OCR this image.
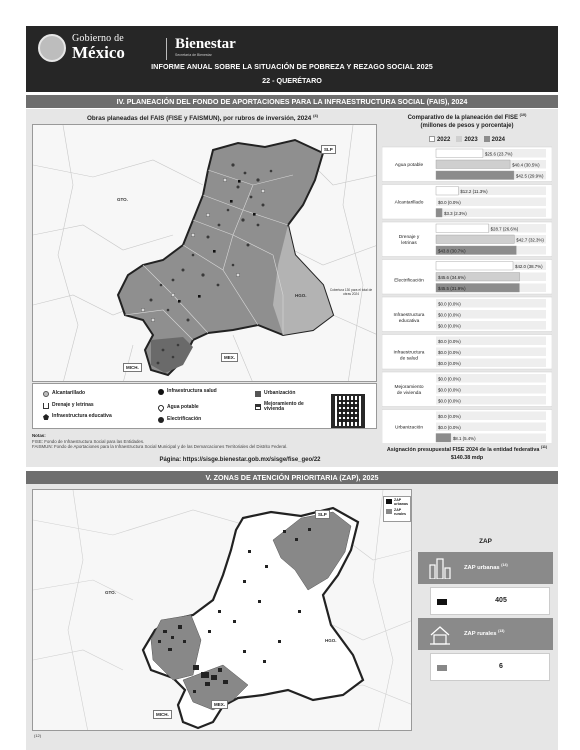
Gobierno de
México	Bienestar
Secretaría de Bienestar
INFORME ANUAL SOBRE LA SITUACIÓN DE POBREZA Y REZAGO SOCIAL 2025
22 - QUERÉTARO
IV. PLANEACIÓN DEL FONDO DE APORTACIONES PARA LA INFRAESTRUCTURA SOCIAL (FAIS), 2024
Obras planeadas del FAIS (FISE y FAISMUN), por rubros de inversión, 2024 $^{(4)}$
SLP
GTO.
HGO.
MICH.
MEX.
Cobertura 130 para el total de obras 2024
Alcantarillado	Infraestructura salud	Urbanización
Drenaje y letrinas	Agua potable
Mejoramiento de vivienda
Infraestructura educativa	Electrificación
Notas:
FISE: Fondo de Infraestructura Social para las Entidades.
FAISMUN: Fondo de Aportaciones para la Infraestructura Social Municipal y de las Demarcaciones Territoriales del Distrito Federal.
Página: https://sisge.bienestar.gob.mx/sisge/fise_geo/22
Comparativo de la planeación del FISE $^{(10)}$
(millones de pesos y porcentaje)
2022	2023	2024
Agua potable
$25.6 (23.7%)
$40.4 (30.5%)
$42.5 (29.9%)
Alcantarillado
$12.2 (11.3%)
$0.0 (0.0%)
$3.3 (2.3%)
Drenaje y letrinas
$28.7 (26.6%)
$42.7 (32.3%)
$43.8 (30.7%)
Electrificación
$42.0 (38.7%)
$45.6 (34.6%)
$45.5 (31.9%)
Infraestructura educativa
$0.0 (0.0%)
$0.0 (0.0%)
$0.0 (0.0%)
Infraestructura de salud
$0.0 (0.0%)
$0.0 (0.0%)
$0.0 (0.0%)
Mejoramiento de vivienda
$0.0 (0.0%)
$0.0 (0.0%)
$0.0 (0.0%)
Urbanización
$0.0 (0.0%)
$0.0 (0.0%)
$8.1 (5.4%)
Asignación presupuestal FISE 2024 de la entidad federativa $^{(11)}$
$140.38 mdp
V. ZONAS DE ATENCIÓN PRIORITARIA (ZAP), 2025
ZAP urbanas
ZAP rurales
SLP
GTO.
HGO.
MICH.
MEX.
(12)
ZAP
ZAP urbanas $^{(14)}$
405
ZAP rurales $^{(13)}$
6
